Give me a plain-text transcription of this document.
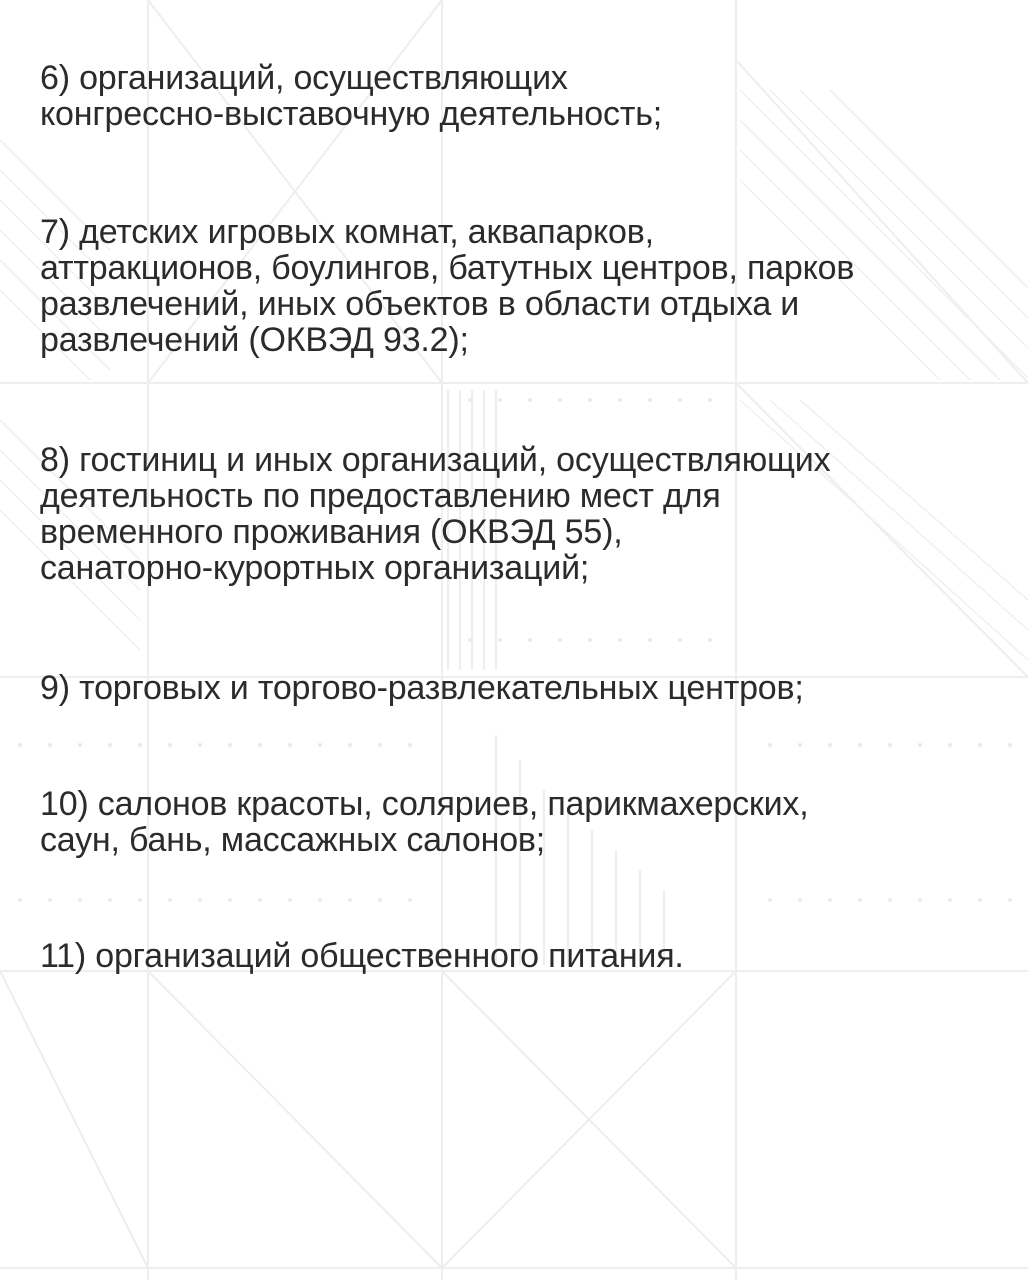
6) организаций, осуществляющих
конгрессно-выставочную деятельность;

7) детских игровых комнат, аквапарков,
аттракционов, боулингов, батутных центров, парков
развлечений, иных объектов в области отдыха и
развлечений (ОКВЭД 93.2);

8) гостиниц и иных организаций, осуществляющих
деятельность по предоставлению мест для
временного проживания (ОКВЭД 55),
санаторно-курортных организаций;

9) торговых и торгово-развлекательных центров;

10) салонов красоты, соляриев, парикмахерских,
саун, бань, массажных салонов;

11) организаций общественного питания.
